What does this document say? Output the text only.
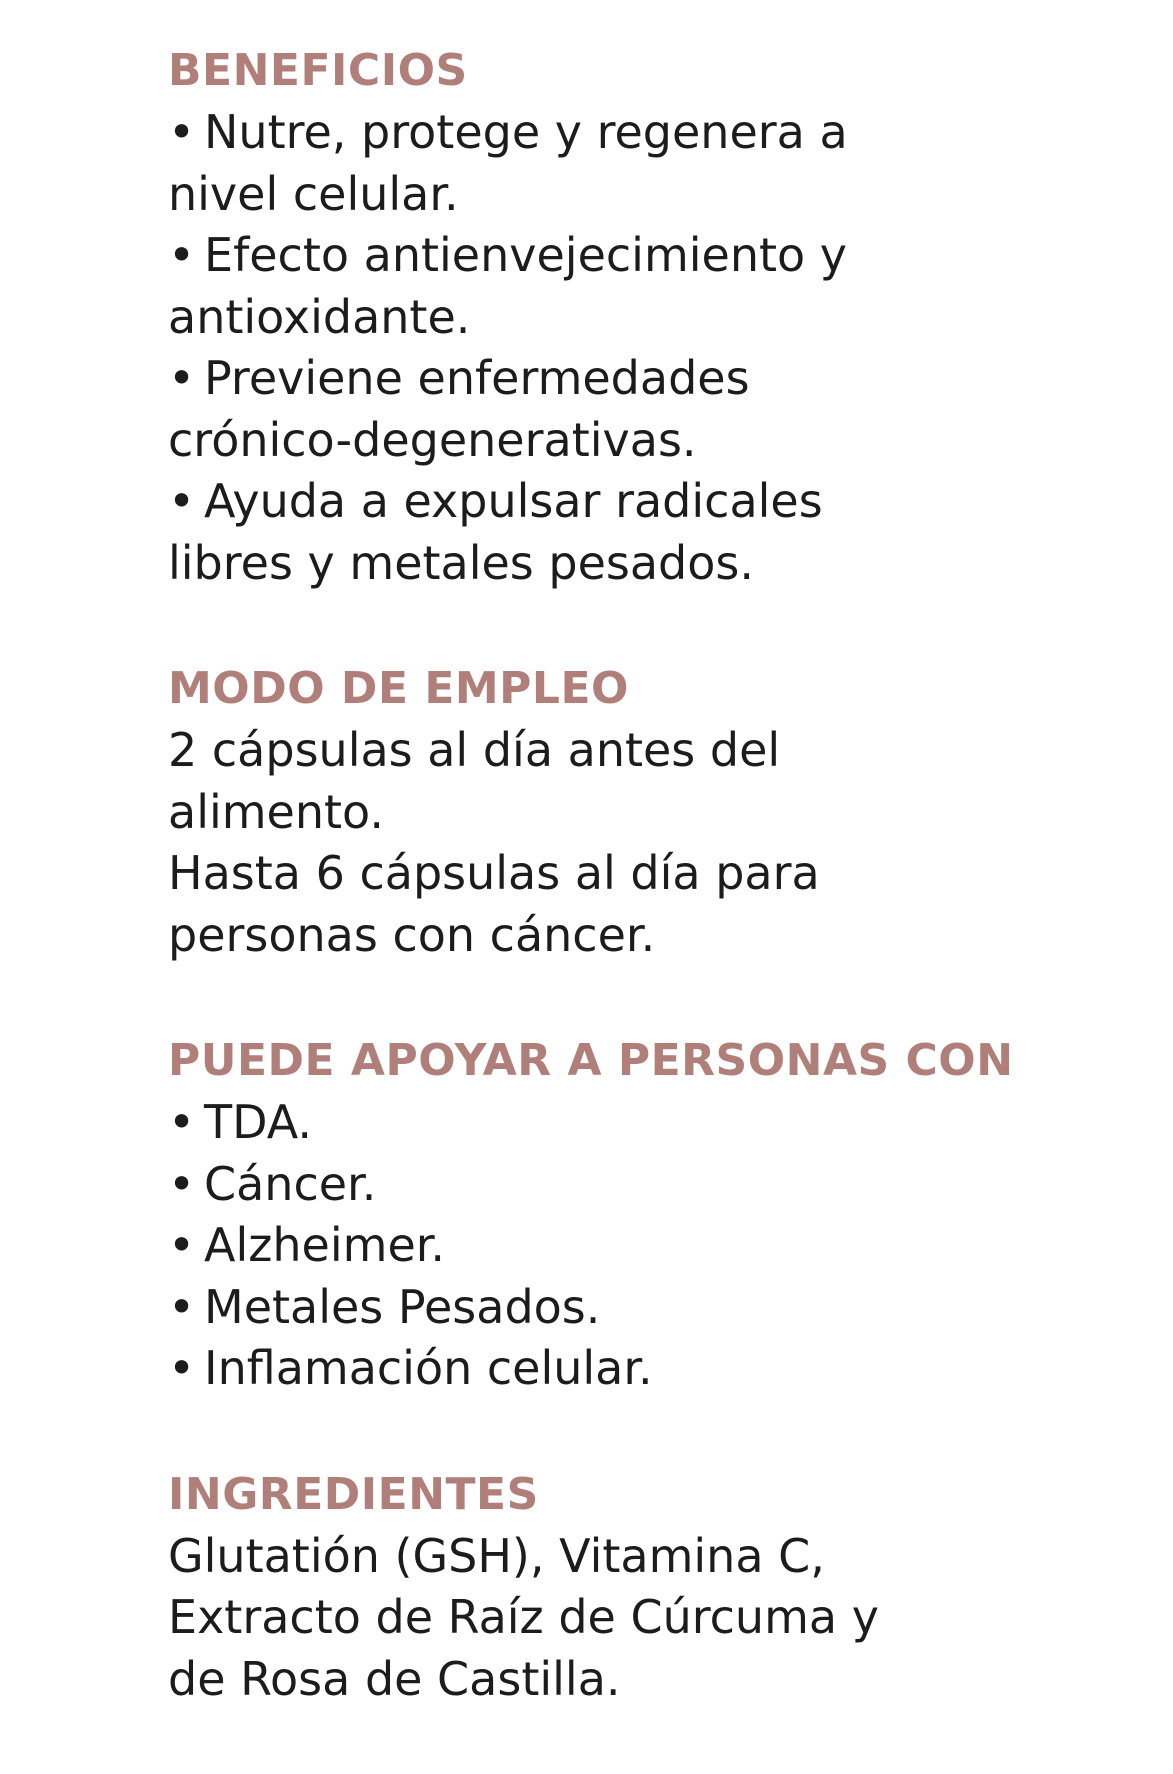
BENEFICIOS
• Nutre, protege y regenera a
nivel celular.
• Efecto antienvejecimiento y
antioxidante.
• Previene enfermedades
crónico-degenerativas.
• Ayuda a expulsar radicales
libres y metales pesados.
MODO DE EMPLEO
2 cápsulas al día antes del
alimento.
Hasta 6 cápsulas al día para
personas con cáncer.
PUEDE APOYAR A PERSONAS CON
• TDA.
• Cáncer.
• Alzheimer.
• Metales Pesados.
• Inflamación celular.
INGREDIENTES
Glutatión (GSH), Vitamina C,
Extracto de Raíz de Cúrcuma y
de Rosa de Castilla.
